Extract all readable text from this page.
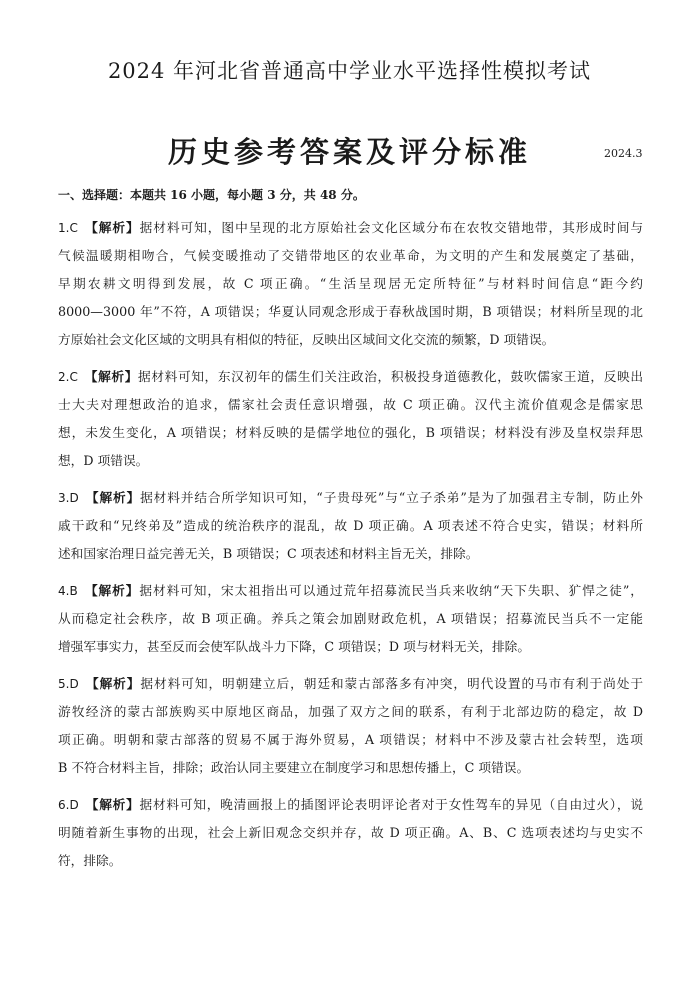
2024 年河北省普通高中学业水平选择性模拟考试
历史参考答案及评分标准	2024.3
一、选择题：本题共 16 小题，每小题 3 分，共 48 分。
1.C  【解析】据材料可知，图中呈现的北方原始社会文化区域分布在农牧交错地带，其形成时间与
气候温暖期相吻合，气候变暖推动了交错带地区的农业革命，为文明的产生和发展奠定了基础，
早期农耕文明得到发展，故 C 项正确。“生活呈现居无定所特征”与材料时间信息“距今约
8000—3000 年”不符，A 项错误；华夏认同观念形成于春秋战国时期，B 项错误；材料所呈现的北
方原始社会文化区域的文明具有相似的特征，反映出区域间文化交流的频繁，D 项错误。
2.C  【解析】据材料可知，东汉初年的儒生们关注政治，积极投身道德教化，鼓吹儒家王道，反映出
士大夫对理想政治的追求，儒家社会责任意识增强，故 C 项正确。汉代主流价值观念是儒家思
想，未发生变化，A 项错误；材料反映的是儒学地位的强化，B 项错误；材料没有涉及皇权崇拜思
想，D 项错误。
3.D  【解析】据材料并结合所学知识可知，“子贵母死”与“立子杀弟”是为了加强君主专制，防止外
戚干政和“兄终弟及”造成的统治秩序的混乱，故 D 项正确。A 项表述不符合史实，错误；材料所
述和国家治理日益完善无关，B 项错误；C 项表述和材料主旨无关，排除。
4.B  【解析】据材料可知，宋太祖指出可以通过荒年招募流民当兵来收纳“天下失职、犷悍之徒”，
从而稳定社会秩序，故 B 项正确。养兵之策会加剧财政危机，A 项错误；招募流民当兵不一定能
增强军事实力，甚至反而会使军队战斗力下降，C 项错误；D 项与材料无关，排除。
5.D  【解析】据材料可知，明朝建立后，朝廷和蒙古部落多有冲突，明代设置的马市有利于尚处于
游牧经济的蒙古部族购买中原地区商品，加强了双方之间的联系，有利于北部边防的稳定，故 D
项正确。明朝和蒙古部落的贸易不属于海外贸易，A 项错误；材料中不涉及蒙古社会转型，选项
B 不符合材料主旨，排除；政治认同主要建立在制度学习和思想传播上，C 项错误。
6.D  【解析】据材料可知，晚清画报上的插图评论表明评论者对于女性驾车的异见（自由过火），说
明随着新生事物的出现，社会上新旧观念交织并存，故 D 项正确。A、B、C 选项表述均与史实不
符，排除。
